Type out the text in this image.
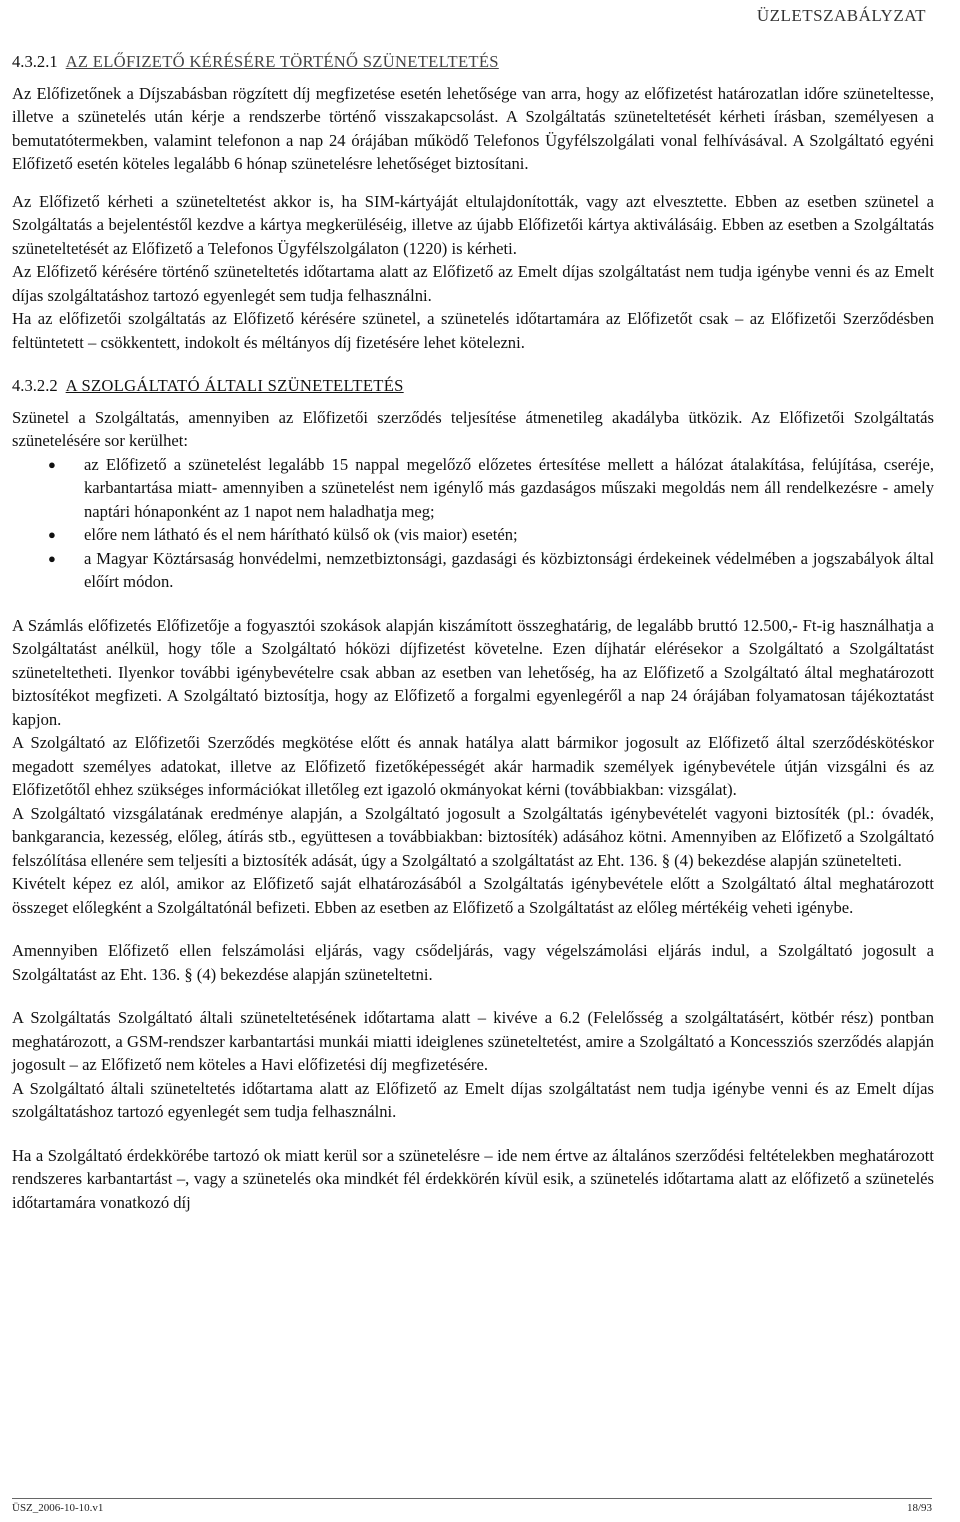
ÜZLETSZABÁLYZAT
4.3.2.1 AZ ELŐFIZETŐ KÉRÉSÉRE TÖRTÉNŐ SZÜNETELTETÉS

Az Előfizetőnek a Díjszabásban rögzített díj megfizetése esetén lehetősége van arra, hogy az előfizetést határozatlan időre szüneteltesse, illetve a szünetelés után kérje a rendszerbe történő visszakapcsolást. A Szolgáltatás szüneteltetését kérheti írásban, személyesen a bemutatótermekben, valamint telefonon a nap 24 órájában működő Telefonos Ügyfélszolgálati vonal felhívásával. A Szolgáltató egyéni Előfizető esetén köteles legalább 6 hónap szünetelésre lehetőséget biztosítani.

Az Előfizető kérheti a szüneteltetést akkor is, ha SIM-kártyáját eltulajdonították, vagy azt elvesztette. Ebben az esetben szünetel a Szolgáltatás a bejelentéstől kezdve a kártya megkerüléséig, illetve az újabb Előfizetői kártya aktiválásáig. Ebben az esetben a Szolgáltatás szüneteltetését az Előfizető a Telefonos Ügyfélszolgálaton (1220) is kérheti.

Az Előfizető kérésére történő szüneteltetés időtartama alatt az Előfizető az Emelt díjas szolgáltatást nem tudja igénybe venni és az Emelt díjas szolgáltatáshoz tartozó egyenlegét sem tudja felhasználni.

Ha az előfizetői szolgáltatás az Előfizető kérésére szünetel, a szünetelés időtartamára az Előfizetőt csak – az Előfizetői Szerződésben feltüntetett – csökkentett, indokolt és méltányos díj fizetésére lehet kötelezni.

4.3.2.2 A SZOLGÁLTATÓ ÁLTALI SZÜNETELTETÉS

Szünetel a Szolgáltatás, amennyiben az Előfizetői szerződés teljesítése átmenetileg akadályba ütközik. Az Előfizetői Szolgáltatás szünetelésére sor kerülhet:

● az Előfizető a szünetelést legalább 15 nappal megelőző előzetes értesítése mellett a hálózat átalakítása, felújítása, cseréje, karbantartása miatt- amennyiben a szünetelést nem igénylő más gazdaságos műszaki megoldás nem áll rendelkezésre - amely naptári hónaponként az 1 napot nem haladhatja meg;
● előre nem látható és el nem hárítható külső ok (vis maior) esetén;
● a Magyar Köztársaság honvédelmi, nemzetbiztonsági, gazdasági és közbiztonsági érdekeinek védelmében a jogszabályok által előírt módon.

A Számlás előfizetés Előfizetője a fogyasztói szokások alapján kiszámított összeghatárig, de legalább bruttó 12.500,- Ft-ig használhatja a Szolgáltatást anélkül, hogy tőle a Szolgáltató hóközi díjfizetést követelne. Ezen díjhatár elérésekor a Szolgáltató a Szolgáltatást szüneteltetheti. Ilyenkor további igénybevételre csak abban az esetben van lehetőség, ha az Előfizető a Szolgáltató által meghatározott biztosítékot megfizeti. A Szolgáltató biztosítja, hogy az Előfizető a forgalmi egyenlegéről a nap 24 órájában folyamatosan tájékoztatást kapjon.

A Szolgáltató az Előfizetői Szerződés megkötése előtt és annak hatálya alatt bármikor jogosult az Előfizető által szerződéskötéskor megadott személyes adatokat, illetve az Előfizető fizetőképességét akár harmadik személyek igénybevétele útján vizsgálni és az Előfizetőtől ehhez szükséges információkat illetőleg ezt igazoló okmányokat kérni (továbbiakban: vizsgálat).

A Szolgáltató vizsgálatának eredménye alapján, a Szolgáltató jogosult a Szolgáltatás igénybevételét vagyoni biztosíték (pl.: óvadék, bankgarancia, kezesség, előleg, átírás stb., együttesen a továbbiakban: biztosíték) adásához kötni. Amennyiben az Előfizető a Szolgáltató felszólítása ellenére sem teljesíti a biztosíték adását, úgy a Szolgáltató a szolgáltatást az Eht. 136. § (4) bekezdése alapján szünetelteti.

Kivételt képez ez alól, amikor az Előfizető saját elhatározásából a Szolgáltatás igénybevétele előtt a Szolgáltató által meghatározott összeget előlegként a Szolgáltatónál befizeti. Ebben az esetben az Előfizető a Szolgáltatást az előleg mértékéig veheti igénybe.

Amennyiben Előfizető ellen felszámolási eljárás, vagy csődeljárás, vagy végelszámolási eljárás indul, a Szolgáltató jogosult a Szolgáltatást az Eht. 136. § (4) bekezdése alapján szüneteltetni.

A Szolgáltatás Szolgáltató általi szüneteltetésének időtartama alatt – kivéve a 6.2 (Felelősség a szolgáltatásért, kötbér rész) pontban meghatározott, a GSM-rendszer karbantartási munkái miatti ideiglenes szüneteltetést, amire a Szolgáltató a Koncessziós szerződés alapján jogosult – az Előfizető nem köteles a Havi előfizetési díj megfizetésére.

A Szolgáltató általi szüneteltetés időtartama alatt az Előfizető az Emelt díjas szolgáltatást nem tudja igénybe venni és az Emelt díjas szolgáltatáshoz tartozó egyenlegét sem tudja felhasználni.

Ha a Szolgáltató érdekkörébe tartozó ok miatt kerül sor a szünetelésre – ide nem értve az általános szerződési feltételekben meghatározott rendszeres karbantartást –, vagy a szünetelés oka mindkét fél érdekkörén kívül esik, a szünetelés időtartama alatt az előfizető a szünetelés időtartamára vonatkozó díj

ÜSZ_2006-10-10.v1	18/93
